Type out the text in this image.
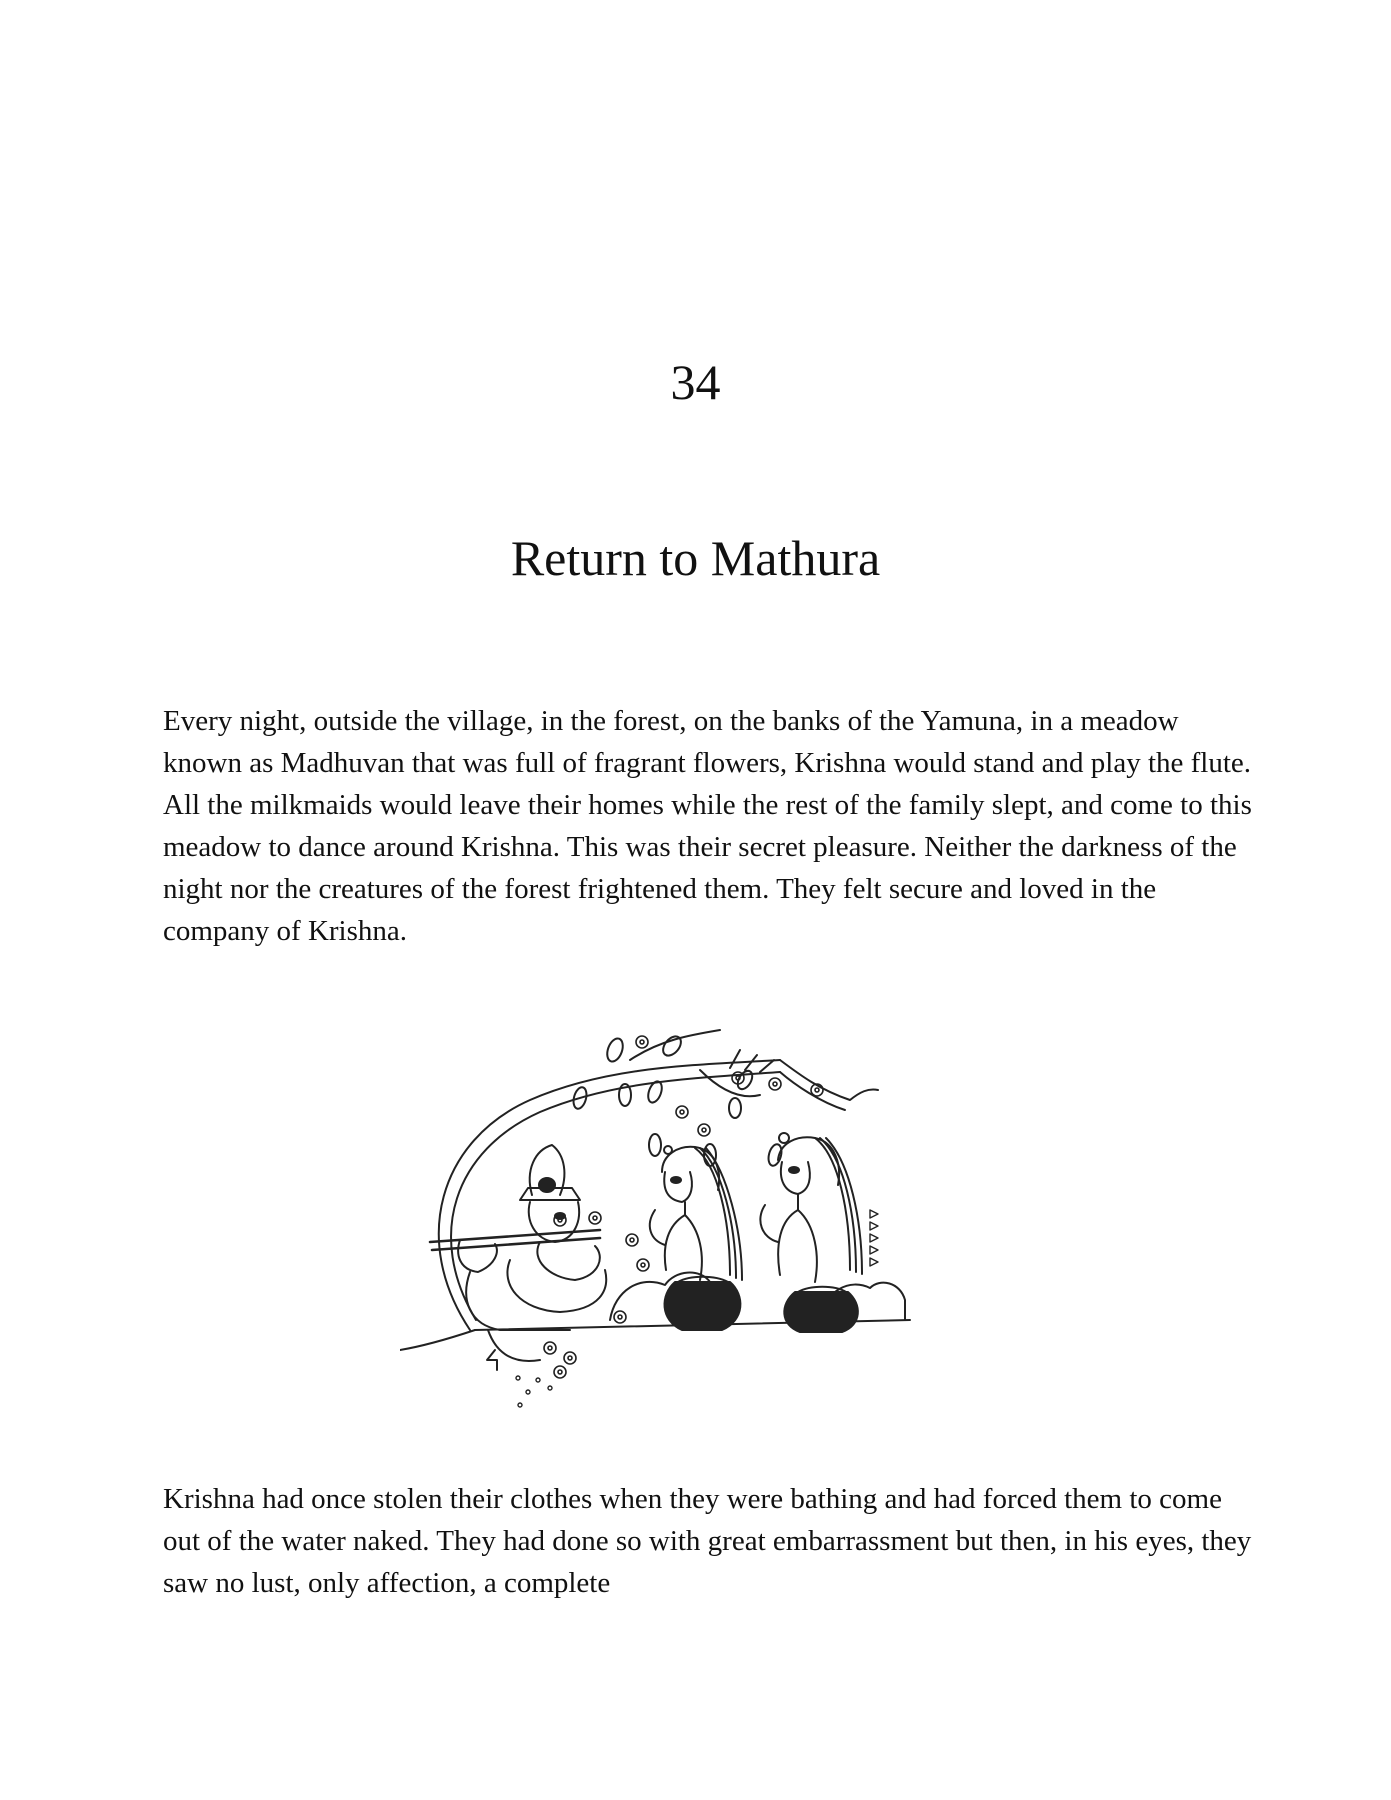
34
Return to Mathura

Every night, outside the village, in the forest, on the banks of the Yamuna, in a meadow known as Madhuvan that was full of fragrant flowers, Krishna would stand and play the flute. All the milkmaids would leave their homes while the rest of the family slept, and come to this meadow to dance around Krishna. This was their secret pleasure. Neither the darkness of the night nor the creatures of the forest frightened them. They felt secure and loved in the company of Krishna.

Krishna had once stolen their clothes when they were bathing and had forced them to come out of the water naked. They had done so with great embarrassment but then, in his eyes, they saw no lust, only affection, a complete
